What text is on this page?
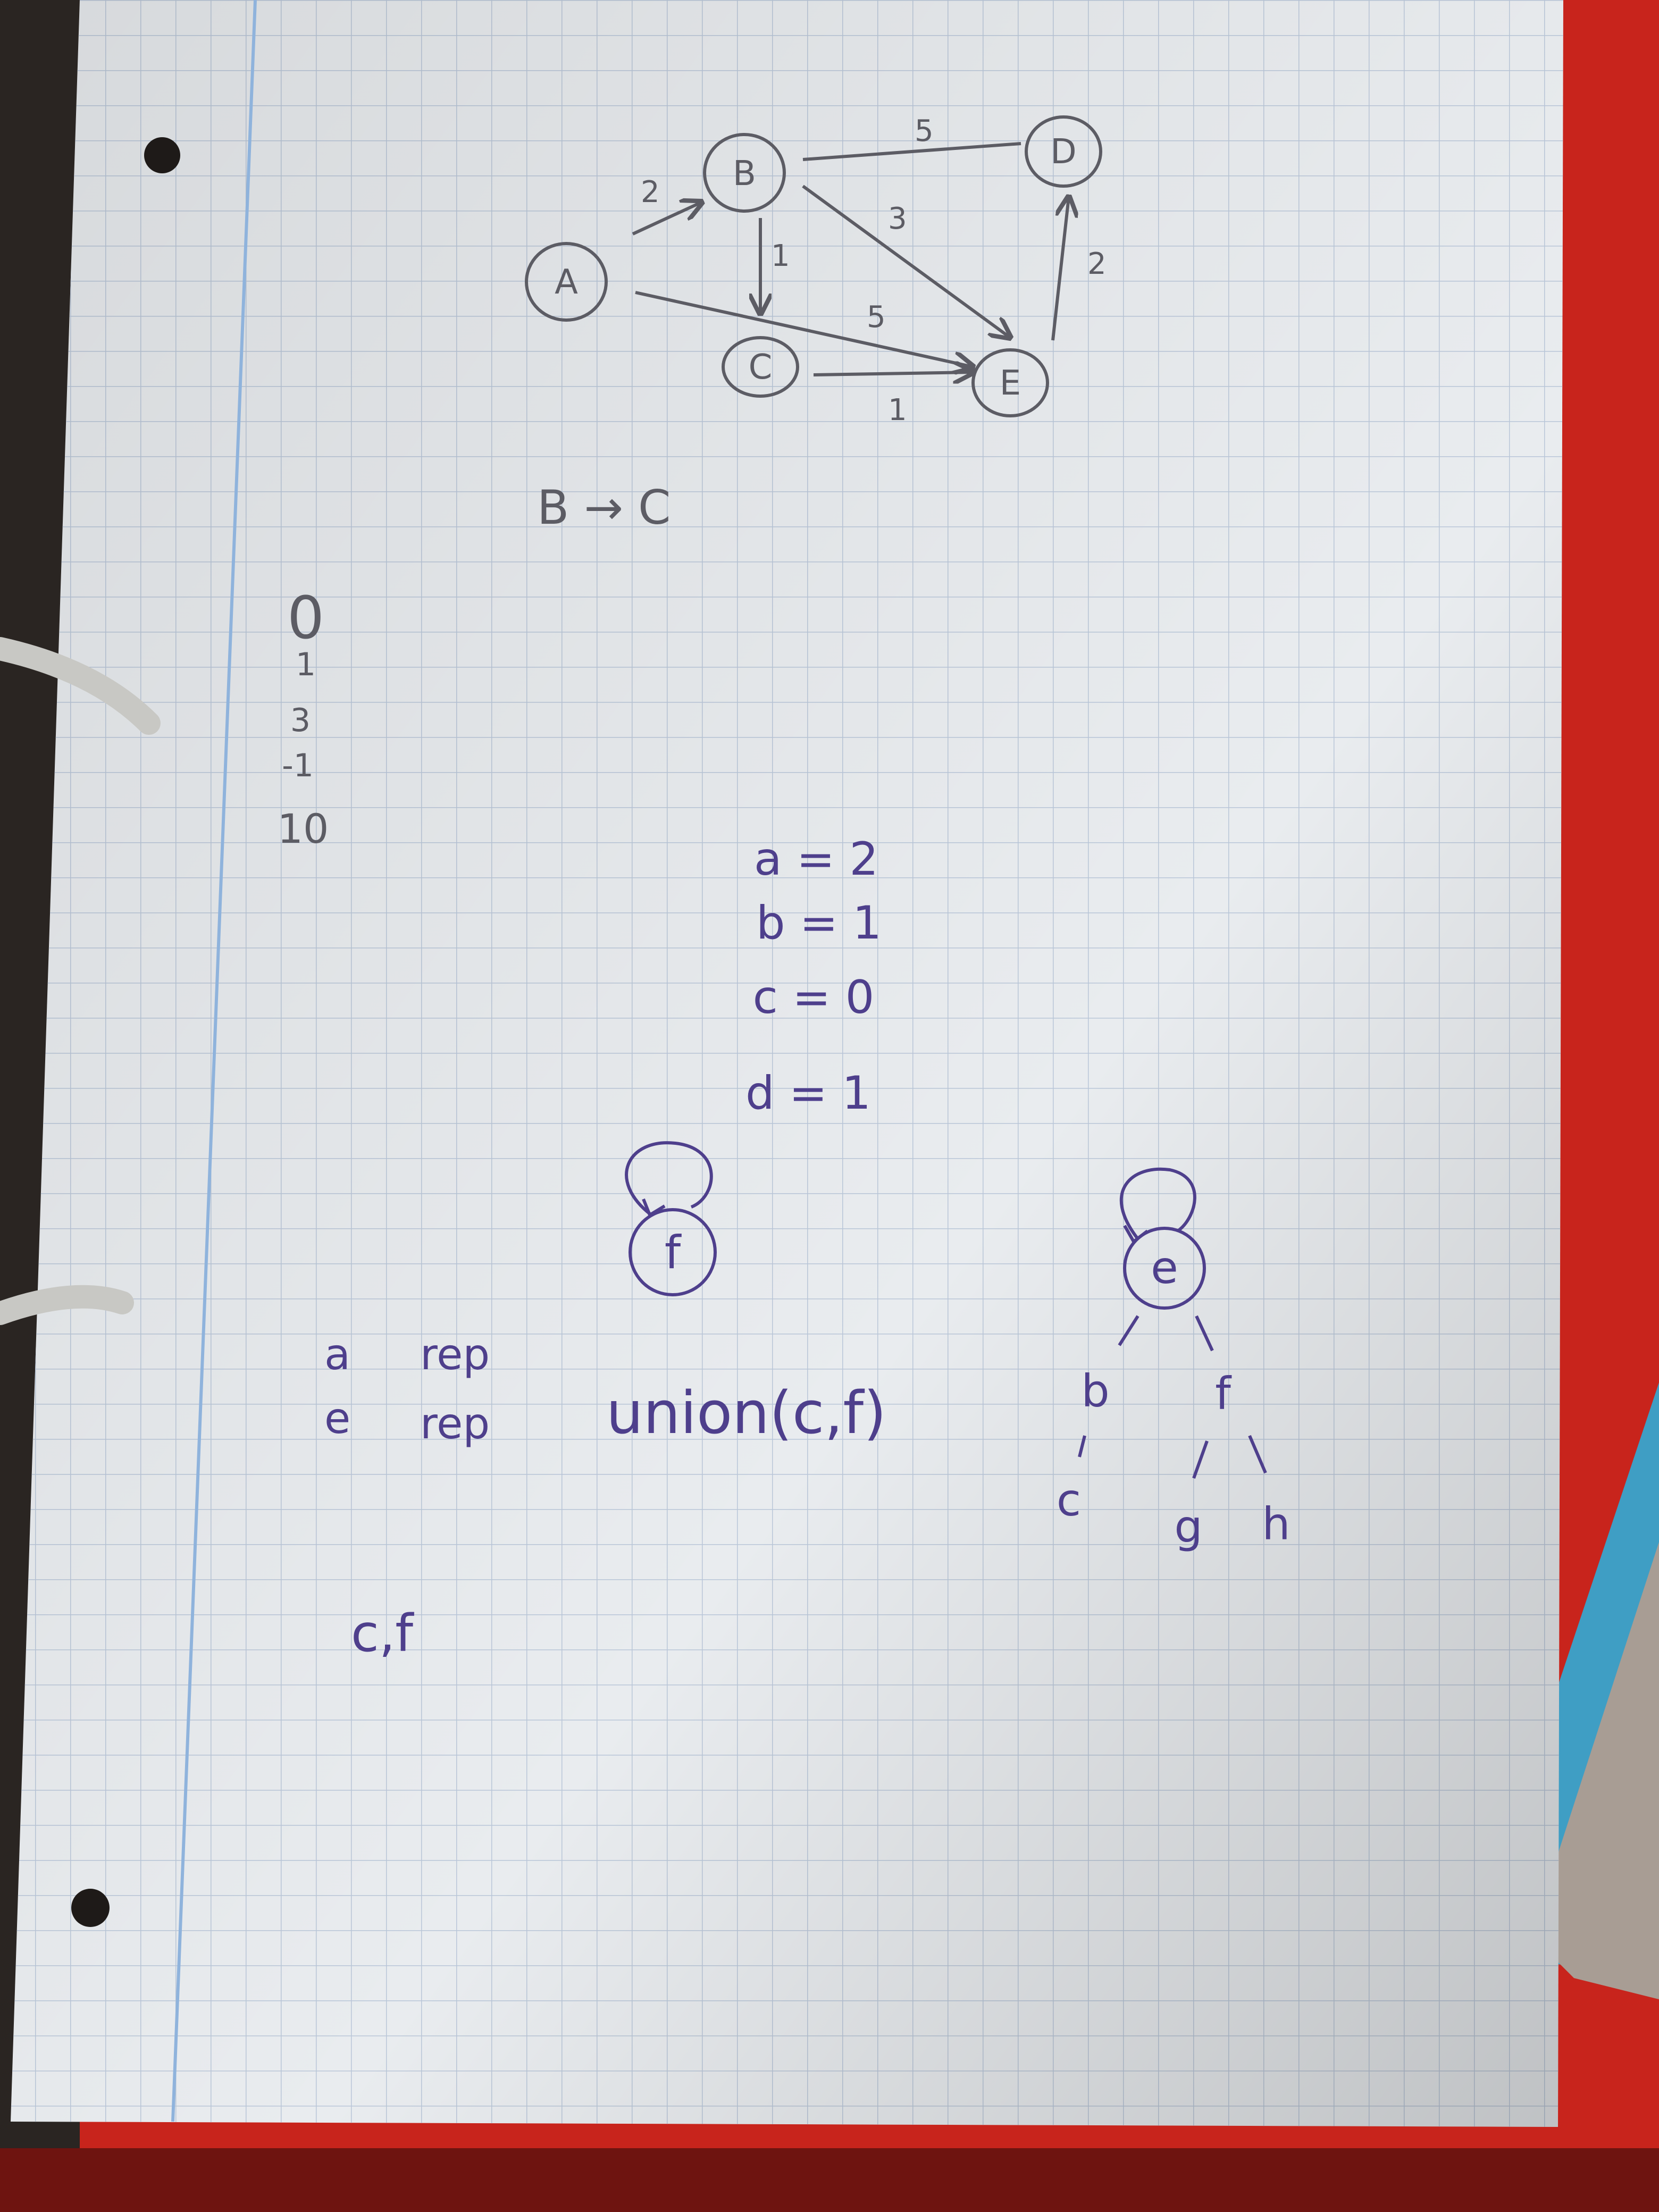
A
B
C
D
E
2
5
1
3
5
1
2
B → C
0
1
3
-1
10
a = 2
b = 1
c = 0
d = 1
f
a rep
e rep union(c,f)
e
b f
c
g h
c,f
